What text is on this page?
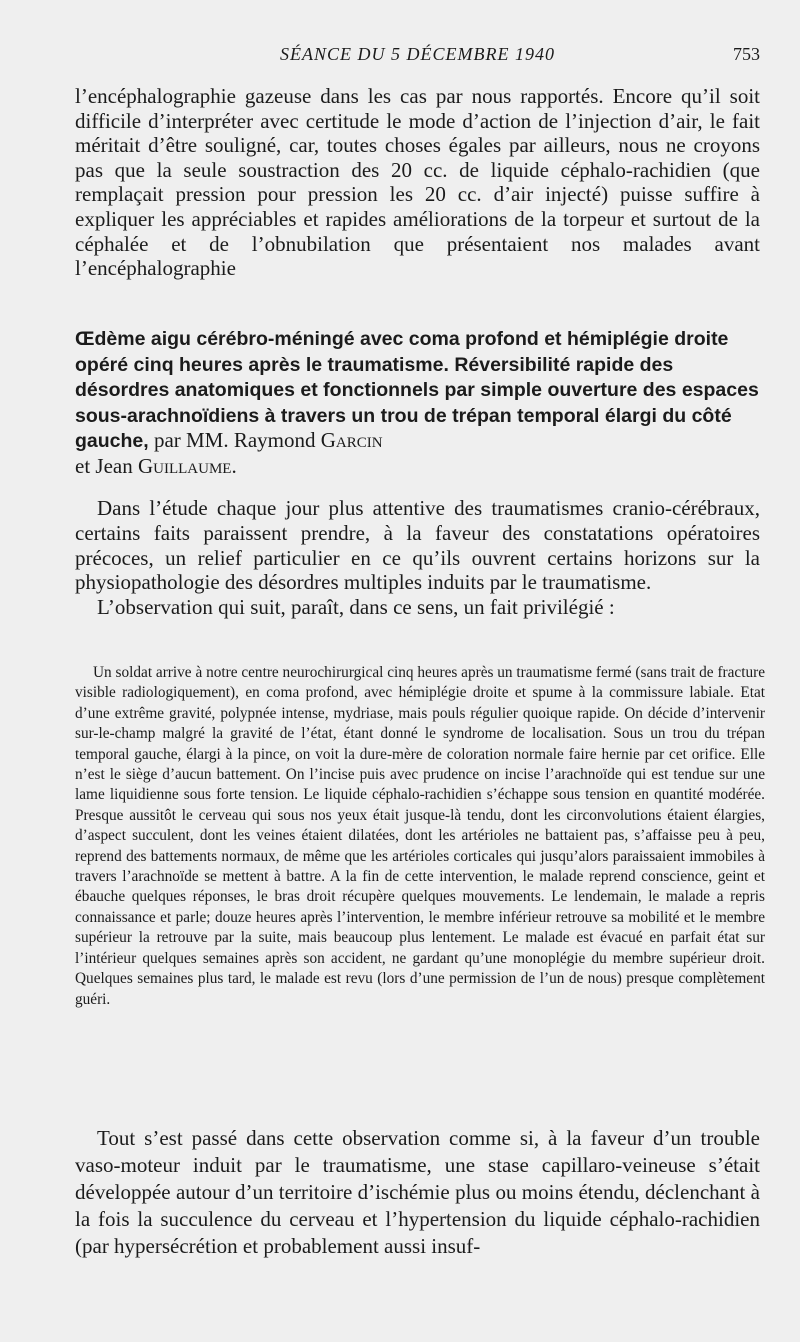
SÉANCE DU 5 DÉCEMBRE 1940	753
l’encéphalographie gazeuse dans les cas par nous rapportés. Encore qu’il soit difficile d’interpréter avec certitude le mode d’action de l’injection d’air, le fait méritait d’être souligné, car, toutes choses égales par ailleurs, nous ne croyons pas que la seule soustraction des 20 cc. de liquide céphalo-rachidien (que remplaçait pression pour pression les 20 cc. d’air injecté) puisse suffire à expliquer les appréciables et rapides améliorations de la torpeur et surtout de la céphalée et de l’obnubilation que présentaient nos malades avant l’encéphalographie
Œdème aigu cérébro-méningé avec coma profond et hémiplégie droite opéré cinq heures après le traumatisme. Réversibilité rapide des désordres anatomiques et fonctionnels par simple ouverture des espaces sous-arachnoïdiens à travers un trou de trépan temporal élargi du côté gauche, par MM. Raymond Garcin
et Jean Guillaume.

Dans l’étude chaque jour plus attentive des traumatismes cranio-cérébraux, certains faits paraissent prendre, à la faveur des constatations opératoires précoces, un relief particulier en ce qu’ils ouvrent certains horizons sur la physiopathologie des désordres multiples induits par le traumatisme.

L’observation qui suit, paraît, dans ce sens, un fait privilégié :

Un soldat arrive à notre centre neurochirurgical cinq heures après un traumatisme fermé (sans trait de fracture visible radiologiquement), en coma profond, avec hémiplégie droite et spume à la commissure labiale. Etat d’une extrême gravité, polypnée intense, mydriase, mais pouls régulier quoique rapide. On décide d’intervenir sur-le-champ malgré la gravité de l’état, étant donné le syndrome de localisation. Sous un trou du trépan temporal gauche, élargi à la pince, on voit la dure-mère de coloration normale faire hernie par cet orifice. Elle n’est le siège d’aucun battement. On l’incise puis avec prudence on incise l’arachnoïde qui est tendue sur une lame liquidienne sous forte tension. Le liquide céphalo-rachidien s’échappe sous tension en quantité modérée. Presque aussitôt le cerveau qui sous nos yeux était jusque-là tendu, dont les circonvolutions étaient élargies, d’aspect succulent, dont les veines étaient dilatées, dont les artérioles ne battaient pas, s’affaisse peu à peu, reprend des battements normaux, de même que les artérioles corticales qui jusqu’alors paraissaient immobiles à travers l’arachnoïde se mettent à battre. A la fin de cette intervention, le malade reprend conscience, geint et ébauche quelques réponses, le bras droit récupère quelques mouvements. Le lendemain, le malade a repris connaissance et parle; douze heures après l’intervention, le membre inférieur retrouve sa mobilité et le membre supérieur la retrouve par la suite, mais beaucoup plus lentement. Le malade est évacué en parfait état sur l’intérieur quelques semaines après son accident, ne gardant qu’une monoplégie du membre supérieur droit. Quelques semaines plus tard, le malade est revu (lors d’une permission de l’un de nous) presque complètement guéri.

Tout s’est passé dans cette observation comme si, à la faveur d’un trouble vaso-moteur induit par le traumatisme, une stase capillaro-veineuse s’était développée autour d’un territoire d’ischémie plus ou moins étendu, déclenchant à la fois la succulence du cerveau et l’hypertension du liquide céphalo-rachidien (par hypersécrétion et probablement aussi insuf-
